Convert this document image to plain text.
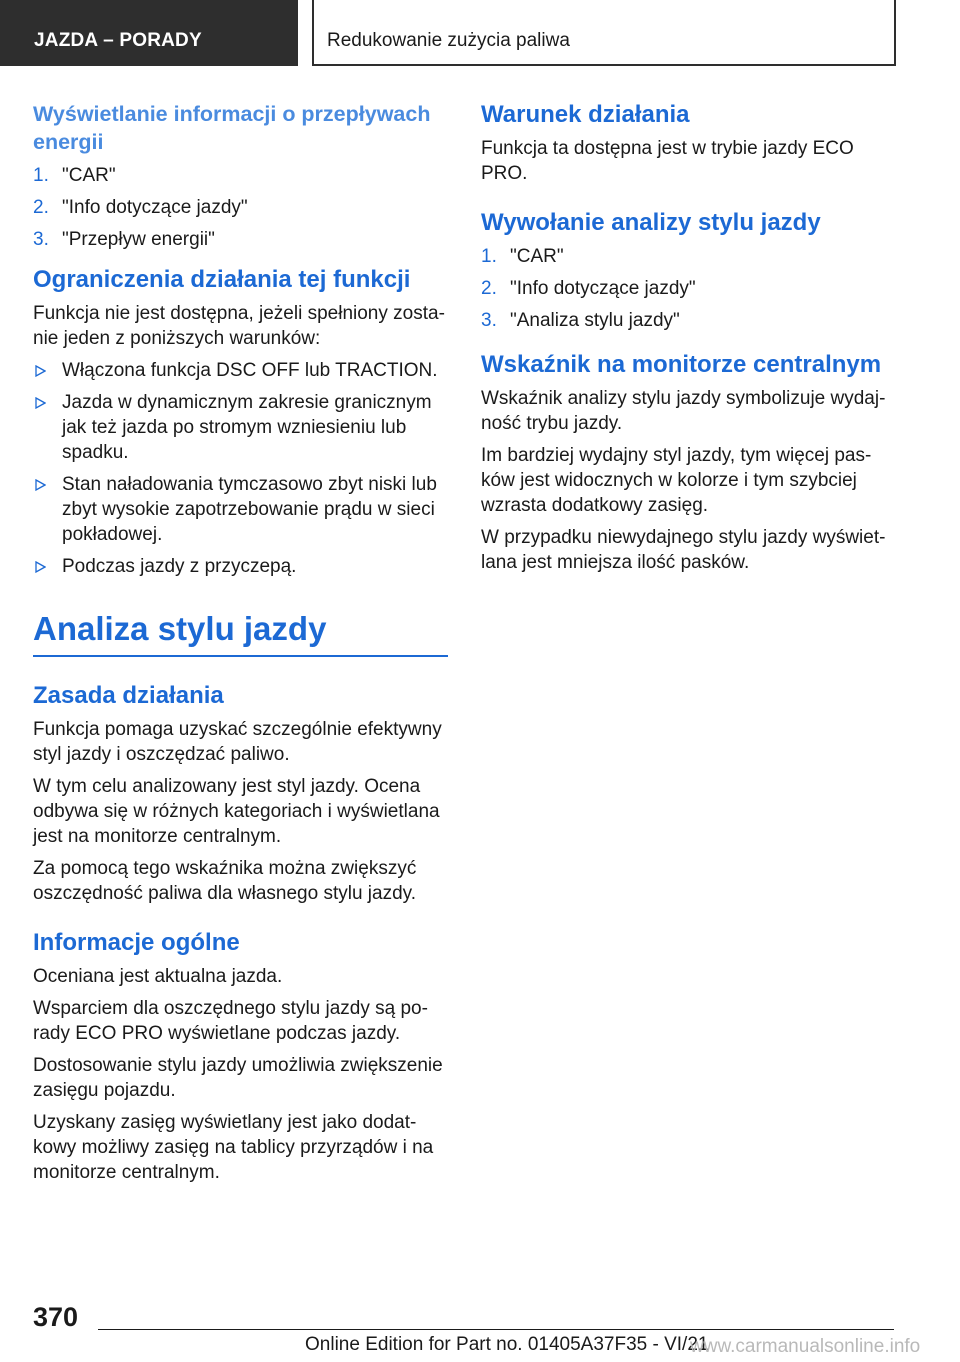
JAZDA – PORADY	Redukowanie zużycia paliwa
Wyświetlanie informacji o przepływach energii
1. "CAR"
2. "Info dotyczące jazdy"
3. "Przepływ energii"
Ograniczenia działania tej funkcji

Funkcja nie jest dostępna, jeżeli spełniony zostanie jeden z poniższych warunków:

Włączona funkcja DSC OFF lub TRACTION.
Jazda w dynamicznym zakresie granicznym jak też jazda po stromym wzniesieniu lub spadku.
Stan naładowania tymczasowo zbyt niski lub zbyt wysokie zapotrzebowanie prądu w sieci pokładowej.
Podczas jazdy z przyczepą.
Analiza stylu jazdy
Zasada działania

Funkcja pomaga uzyskać szczególnie efektywny styl jazdy i oszczędzać paliwo.

W tym celu analizowany jest styl jazdy. Ocena odbywa się w różnych kategoriach i wyświetlana jest na monitorze centralnym.

Za pomocą tego wskaźnika można zwiększyć oszczędność paliwa dla własnego stylu jazdy.

Informacje ogólne

Oceniana jest aktualna jazda.

Wsparciem dla oszczędnego stylu jazdy są porady ECO PRO wyświetlane podczas jazdy.

Dostosowanie stylu jazdy umożliwia zwiększenie zasięgu pojazdu.

Uzyskany zasięg wyświetlany jest jako dodatkowy możliwy zasięg na tablicy przyrządów i na monitorze centralnym.

Warunek działania

Funkcja ta dostępna jest w trybie jazdy ECO PRO.

Wywołanie analizy stylu jazdy
1. "CAR"
2. "Info dotyczące jazdy"
3. "Analiza stylu jazdy"
Wskaźnik na monitorze centralnym

Wskaźnik analizy stylu jazdy symbolizuje wydajność trybu jazdy.

Im bardziej wydajny styl jazdy, tym więcej pasków jest widocznych w kolorze i tym szybciej wzrasta dodatkowy zasięg.

W przypadku niewydajnego stylu jazdy wyświetlana jest mniejsza ilość pasków.

370
Online Edition for Part no. 01405A37F35 - VI/21
www.carmanualsonline.info
